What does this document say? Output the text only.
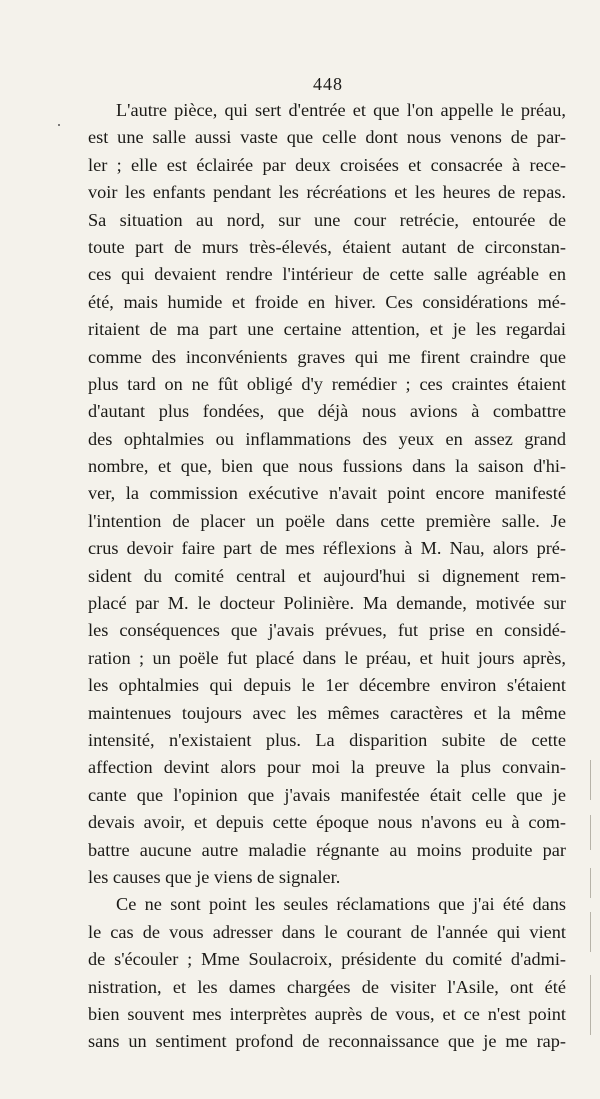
448
L'autre pièce, qui sert d'entrée et que l'on appelle le préau,
est une salle aussi vaste que celle dont nous venons de par-
ler ; elle est éclairée par deux croisées et consacrée à rece-
voir les enfants pendant les récréations et les heures de repas.
Sa situation au nord, sur une cour retrécie, entourée de
toute part de murs très-élevés, étaient autant de circonstan-
ces qui devaient rendre l'intérieur de cette salle agréable en
été, mais humide et froide en hiver. Ces considérations mé-
ritaient de ma part une certaine attention, et je les regardai
comme des inconvénients graves qui me firent craindre que
plus tard on ne fût obligé d'y remédier ; ces craintes étaient
d'autant plus fondées, que déjà nous avions à combattre
des ophtalmies ou inflammations des yeux en assez grand
nombre, et que, bien que nous fussions dans la saison d'hi-
ver, la commission exécutive n'avait point encore manifesté
l'intention de placer un poële dans cette première salle. Je
crus devoir faire part de mes réflexions à M. Nau, alors pré-
sident du comité central et aujourd'hui si dignement rem-
placé par M. le docteur Polinière. Ma demande, motivée sur
les conséquences que j'avais prévues, fut prise en considé-
ration ; un poële fut placé dans le préau, et huit jours après,
les ophtalmies qui depuis le 1er décembre environ s'étaient
maintenues toujours avec les mêmes caractères et la même
intensité, n'existaient plus. La disparition subite de cette
affection devint alors pour moi la preuve la plus convain-
cante que l'opinion que j'avais manifestée était celle que je
devais avoir, et depuis cette époque nous n'avons eu à com-
battre aucune autre maladie régnante au moins produite par
les causes que je viens de signaler.
Ce ne sont point les seules réclamations que j'ai été dans
le cas de vous adresser dans le courant de l'année qui vient
de s'écouler ; Mme Soulacroix, présidente du comité d'admi-
nistration, et les dames chargées de visiter l'Asile, ont été
bien souvent mes interprètes auprès de vous, et ce n'est point
sans un sentiment profond de reconnaissance que je me rap-
